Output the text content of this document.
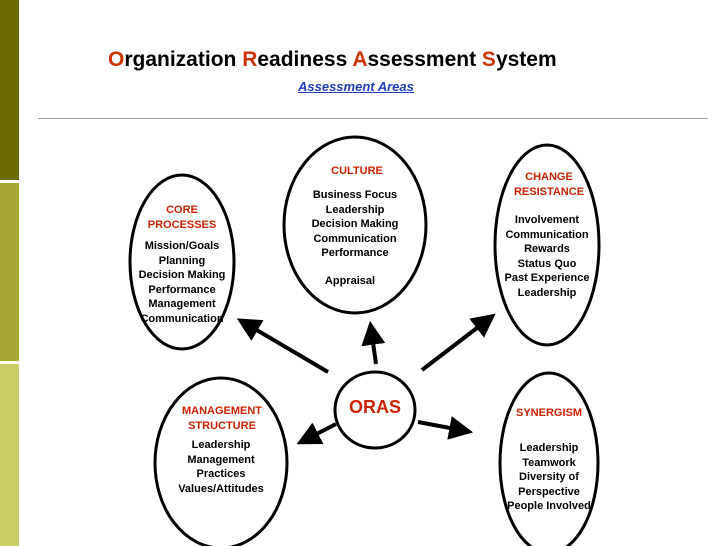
Organization Readiness Assessment System
Assessment Areas
CORE
PROCESSES
Mission/Goals
Planning
Decision Making
Performance
Management
Communication
CULTURE
Business Focus
Leadership
Decision Making
Communication
Performance
Appraisal
CHANGE
RESISTANCE
Involvement
Communication
Rewards
Status Quo
Past Experience
Leadership
MANAGEMENT
STRUCTURE
Leadership
Management
Practices
Values/Attitudes
SYNERGISM
Leadership
Teamwork
Diversity of
Perspective
People Involved
ORAS
